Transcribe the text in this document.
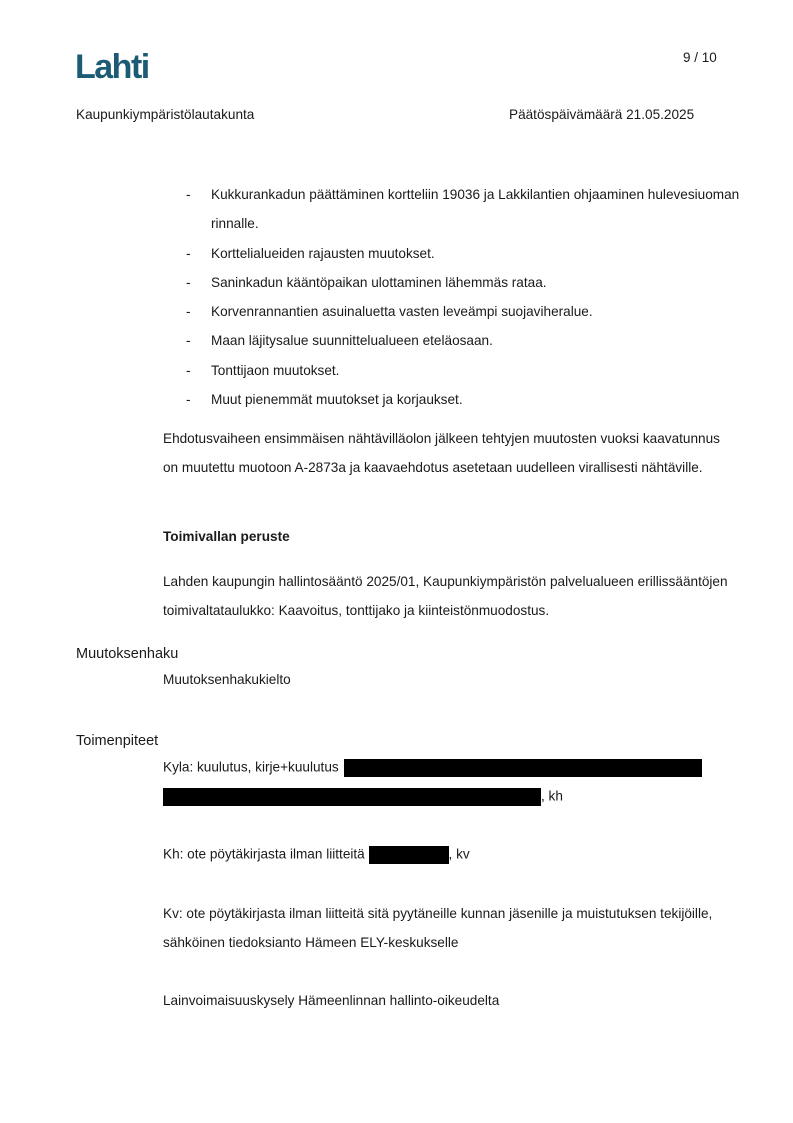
Lahti	9 / 10
Kaupunkiympäristölautakunta	Päätöspäivämäärä 21.05.2025
- Kukkurankadun päättäminen kortteliin 19036 ja Lakkilantien ohjaaminen hulevesiuoman rinnalle.
- Korttelialueiden rajausten muutokset.
- Saninkadun kääntöpaikan ulottaminen lähemmäs rataa.
- Korvenrannantien asuinaluetta vasten leveämpi suojaviheralue.
- Maan läjitysalue suunnittelualueen eteläosaan.
- Tonttijaon muutokset.
- Muut pienemmät muutokset ja korjaukset.

Ehdotusvaiheen ensimmäisen nähtävilläolon jälkeen tehtyjen muutosten vuoksi kaavatunnus on muutettu muotoon A-2873a ja kaavaehdotus asetetaan uudelleen virallisesti nähtäville.

Toimivallan peruste

Lahden kaupungin hallintosääntö 2025/01, Kaupunkiympäristön palvelualueen erillissääntöjen toimivaltataulukko: Kaavoitus, tonttijako ja kiinteistönmuodostus.

Muutoksenhaku
Muutoksenhakukielto
Toimenpiteet
Kyla: kuulutus, kirje+kuulutus
, kh
Kh: ote pöytäkirjasta ilman liitteitä	, kv

Kv: ote pöytäkirjasta ilman liitteitä sitä pyytäneille kunnan jäsenille ja muistutuksen tekijöille, sähköinen tiedoksianto Hämeen ELY-keskukselle

Lainvoimaisuuskysely Hämeenlinnan hallinto-oikeudelta
